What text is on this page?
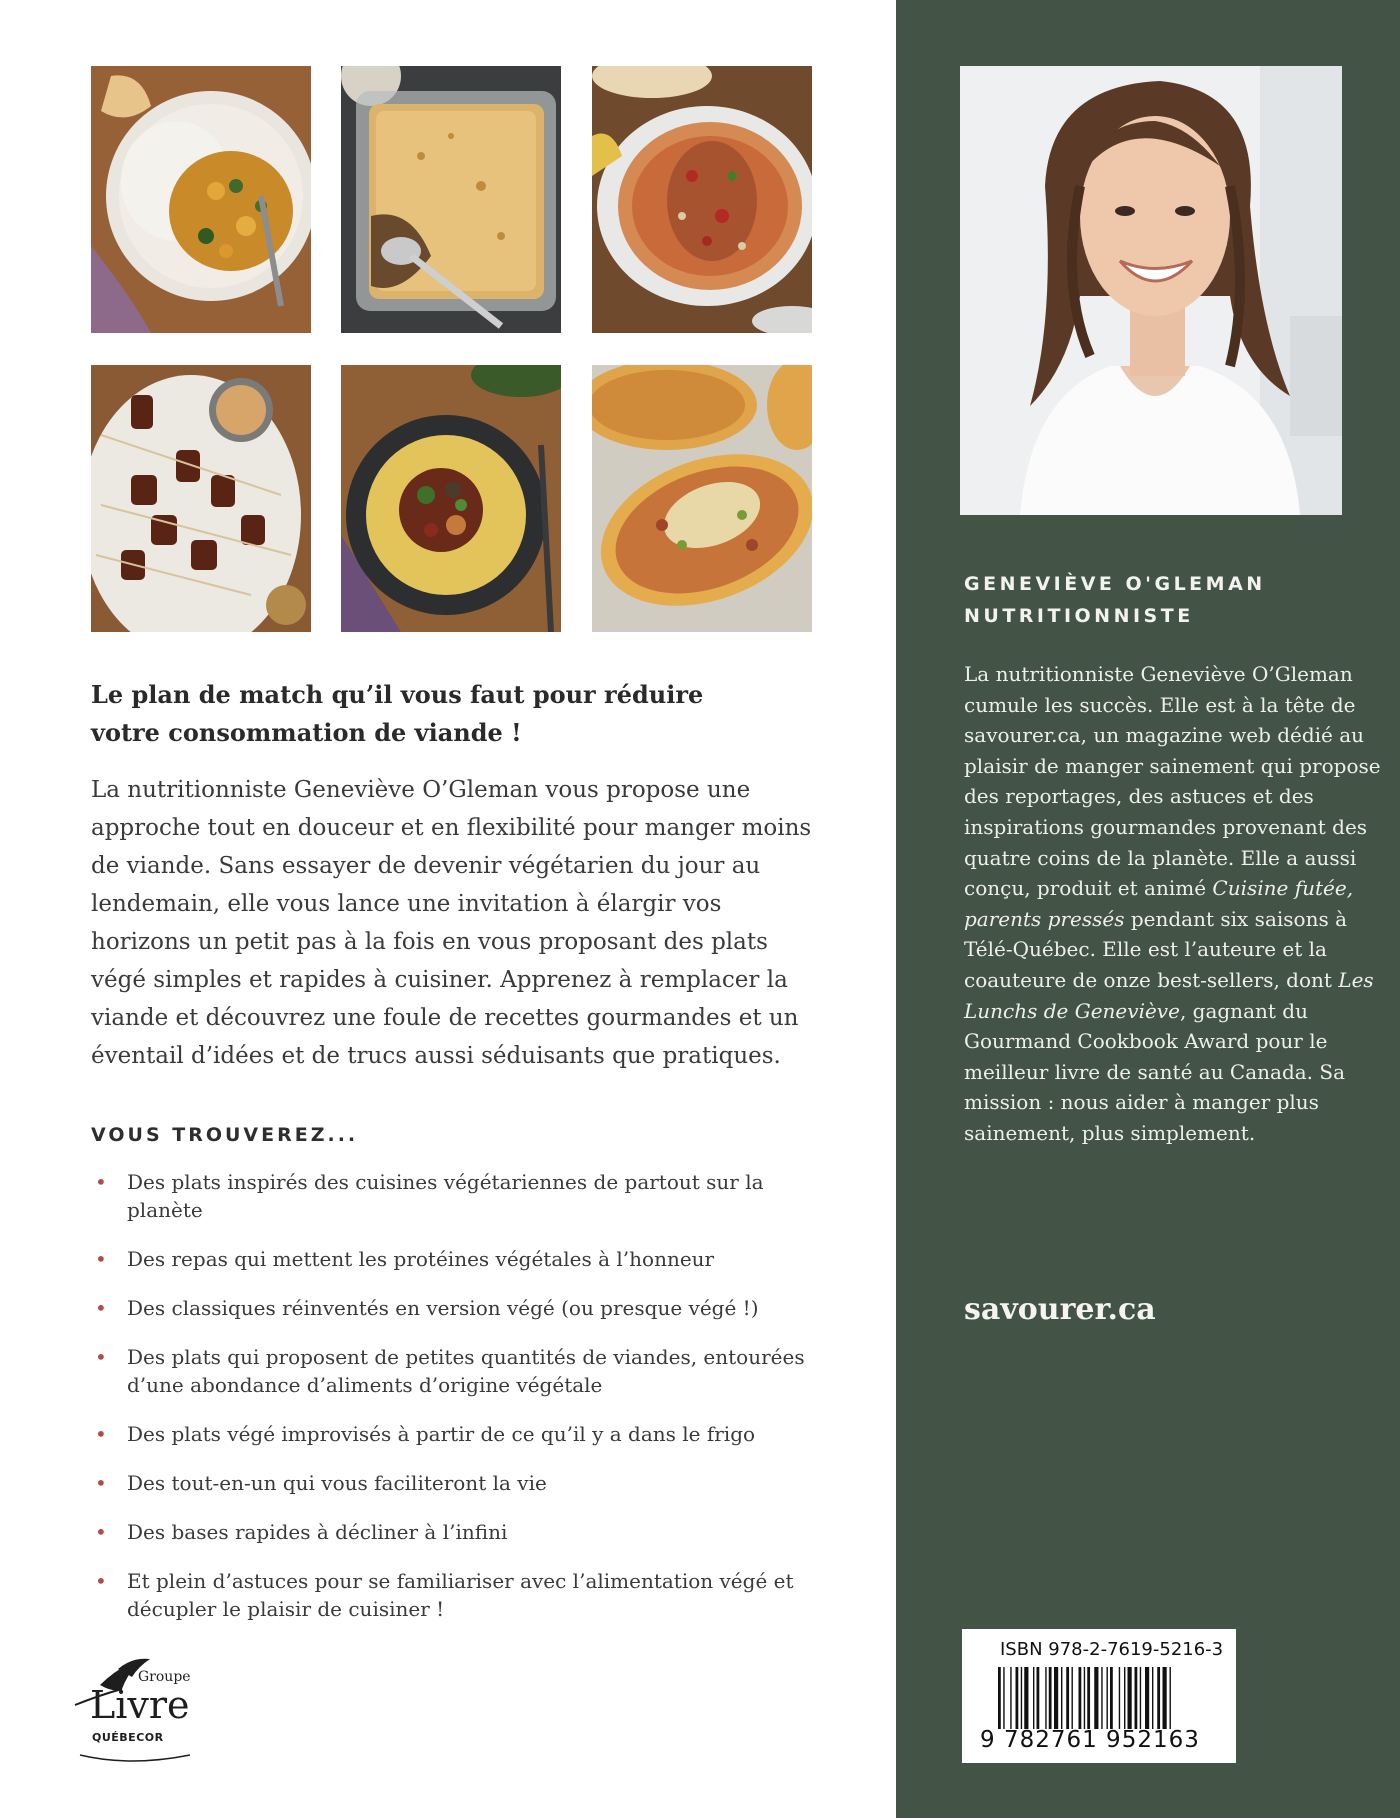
Le plan de match qu’il vous faut pour réduire
votre consommation de viande !

La nutritionniste Geneviève O’Gleman vous propose une approche tout en douceur et en flexibilité pour manger moins de viande. Sans essayer de devenir végétarien du jour au lendemain, elle vous lance une invitation à élargir vos horizons un petit pas à la fois en vous proposant des plats végé simples et rapides à cuisiner. Apprenez à remplacer la viande et découvrez une foule de recettes gourmandes et un éventail d’idées et de trucs aussi séduisants que pratiques.

VOUS TROUVEREZ...
• Des plats inspirés des cuisines végétariennes de partout sur la planète
• Des repas qui mettent les protéines végétales à l’honneur
• Des classiques réinventés en version végé (ou presque végé !)
• Des plats qui proposent de petites quantités de viandes, entourées d’une abondance d’aliments d’origine végétale
• Des plats végé improvisés à partir de ce qu’il y a dans le frigo
• Des tout-en-un qui vous faciliteront la vie
• Des bases rapides à décliner à l’infini
• Et plein d’astuces pour se familiariser avec l’alimentation végé et décupler le plaisir de cuisiner !
Groupe
Livre
QUÉBECOR
GENEVIÈVE O'GLEMAN
NUTRITIONNISTE

La nutritionniste Geneviève O’Gleman cumule les succès. Elle est à la tête de savourer.ca, un magazine web dédié au plaisir de manger sainement qui propose des reportages, des astuces et des inspirations gourmandes provenant des quatre coins de la planète. Elle a aussi conçu, produit et animé Cuisine futée, parents pressés pendant six saisons à Télé-Québec. Elle est l’auteure et la coauteure de onze best-sellers, dont Les Lunchs de Geneviève, gagnant du Gourmand Cookbook Award pour le meilleur livre de santé au Canada. Sa mission : nous aider à manger plus sainement, plus simplement.

savourer.ca
ISBN 978-2-7619-5216-3
9 782761 952163
